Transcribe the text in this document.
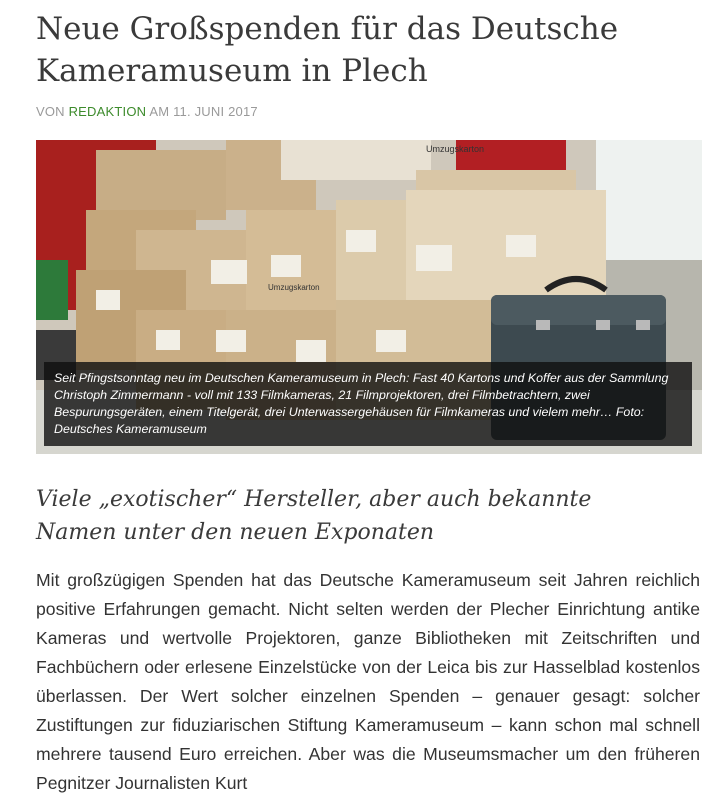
Neue Großspenden für das Deutsche Kameramuseum in Plech
VON REDAKTION AM 11. JUNI 2017
Umzugskarton
Umzugskarton
Seit Pfingstsonntag neu im Deutschen Kameramuseum in Plech: Fast 40 Kartons und Koffer aus der Sammlung Christoph Zimmermann - voll mit 133 Filmkameras, 21 Filmprojektoren, drei Filmbetrachtern, zwei Bespurungsgeräten, einem Titelgerät, drei Unterwassergehäusen für Filmkameras und vielem mehr… Foto: Deutsches Kameramuseum
Viele „exotischer“ Hersteller, aber auch bekannte Namen unter den neuen Exponaten

Mit großzügigen Spenden hat das Deutsche Kameramuseum seit Jahren reichlich positive Erfahrungen gemacht. Nicht selten werden der Plecher Einrichtung antike Kameras und wertvolle Projektoren, ganze Bibliotheken mit Zeitschriften und Fachbüchern oder erlesene Einzelstücke von der Leica bis zur Hasselblad kostenlos überlassen. Der Wert solcher einzelnen Spenden – genauer gesagt: solcher Zustiftungen zur fiduziarischen Stiftung Kameramuseum – kann schon mal schnell mehrere tausend Euro erreichen. Aber was die Museumsmacher um den früheren Pegnitzer Journalisten Kurt
